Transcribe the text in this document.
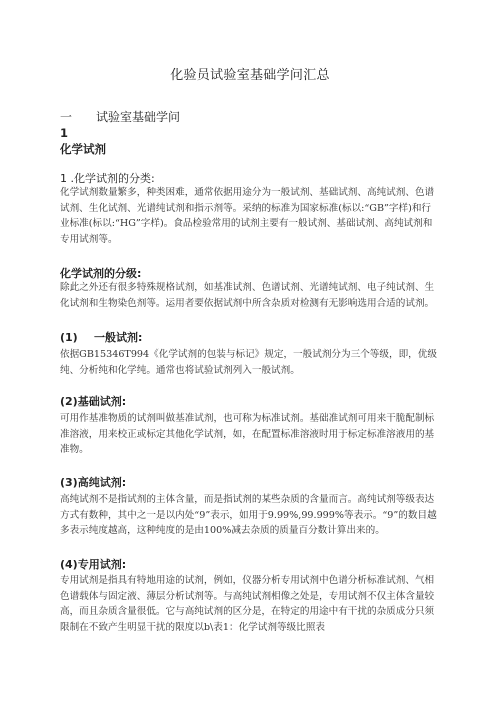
化验员试验室基础学问汇总
一 试验室基础学问
1
化学试剂
1 .化学试剂的分类:

化学试剂数量繁多，种类困难，通常依据用途分为一般试剂、基础试剂、高纯试剂、色谱试剂、生化试剂、光谱纯试剂和指示剂等。采纳的标准为国家标准(标以:“GB”字样)和行业标准(标以:“HG”字样)。食品检验常用的试剂主要有一般试剂、基础试剂、高纯试剂和专用试剂等。

化学试剂的分级:

除此之外还有很多特殊规格试剂，如基准试剂、色谱试剂、光谱纯试剂、电子纯试剂、生化试剂和生物染色剂等。运用者要依据试剂中所含杂质对检测有无影响选用合适的试剂。

(1) 一般试剂:

依据GB15346T994《化学试剂的包装与标记》规定，一般试剂分为三个等级，即，优级纯、分析纯和化学纯。通常也将试验试剂列入一般试剂。

(2)基础试剂:

可用作基准物质的试剂叫做基准试剂，也可称为标准试剂。基础准试剂可用来干脆配制标准溶液，用来校正或标定其他化学试剂，如，在配置标准溶液时用于标定标准溶液用的基准物。

(3)高纯试剂:

高纯试剂不是指试剂的主体含量，而是指试剂的某些杂质的含量而言。高纯试剂等级表达方式有数种，其中之一是以内处“9”表示，如用于9.99%,99.999%等表示。“9”的数目越多表示纯度越高，这种纯度的是由100%减去杂质的质量百分数计算出来的。

(4)专用试剂:

专用试剂是指具有特地用途的试剂，例如，仪器分析专用试剂中色谱分析标准试剂、气相色谱载体与固定液、薄层分析试剂等。与高纯试剂相像之处是，专用试剂不仅主体含量较高，而且杂质含量很低。它与高纯试剂的区分是，在特定的用途中有干扰的杂质成分只须限制在不致产生明显干扰的限度以b\表1：化学试剂等级比照表
